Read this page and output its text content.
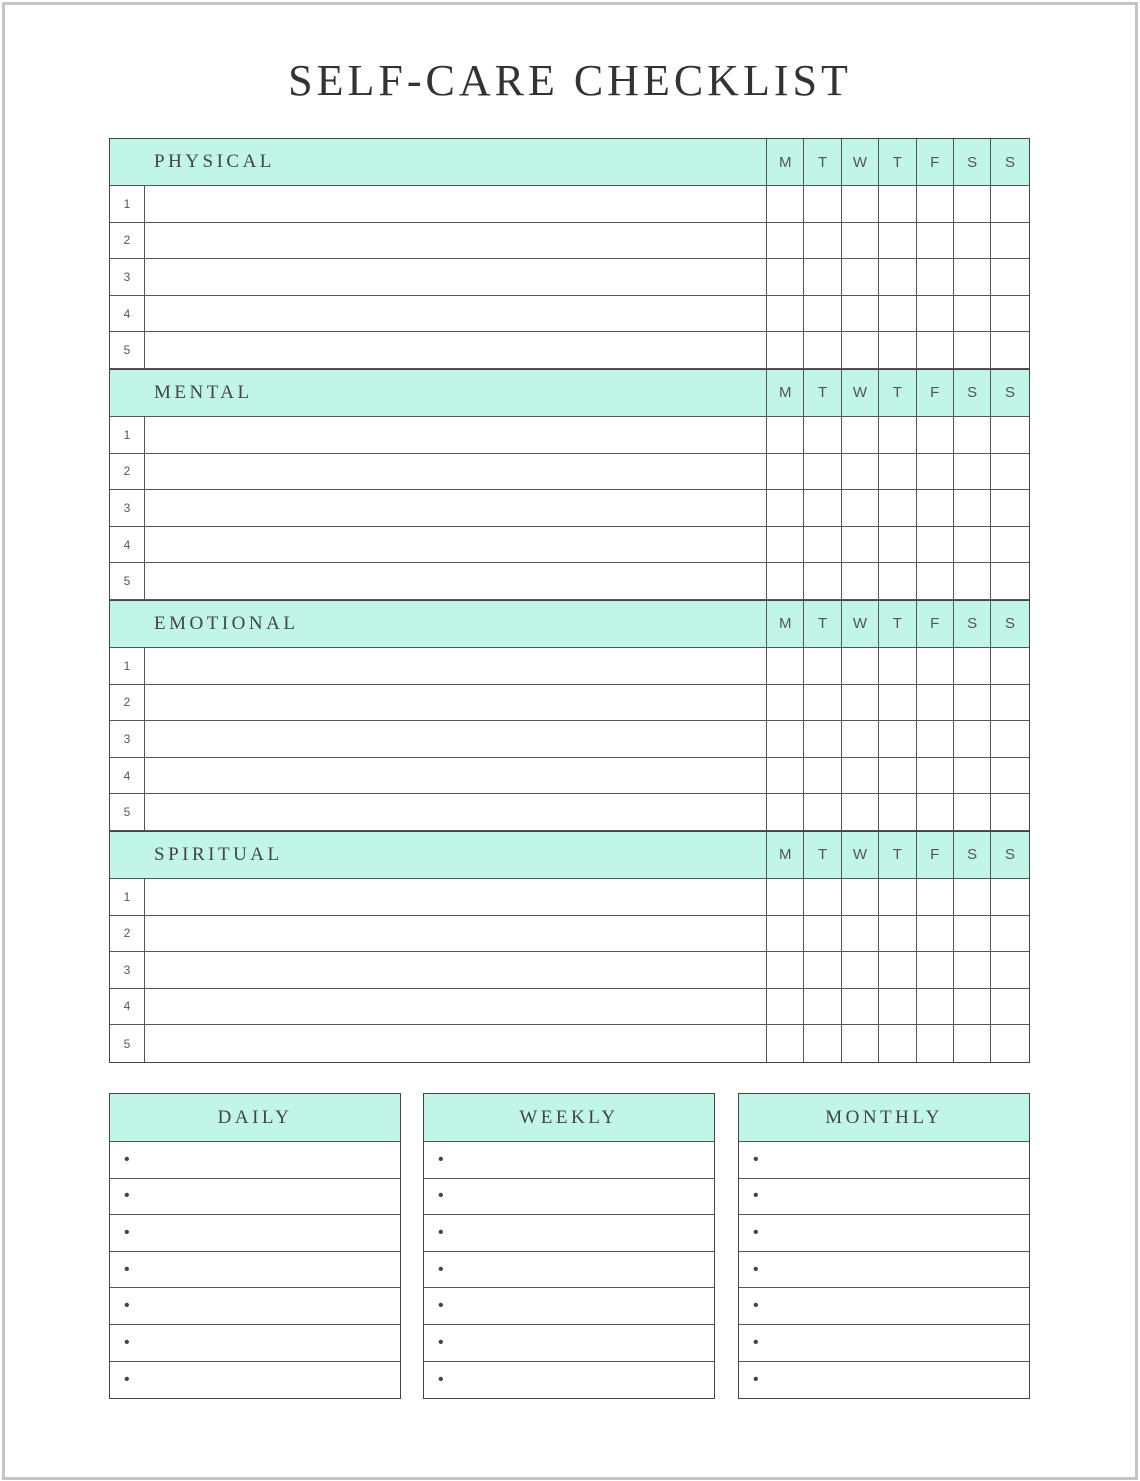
SELF-CARE CHECKLIST
PHYSICAL	M	T	W	T	F	S	S
1
2
3
4
5
MENTAL	M	T	W	T	F	S	S
1
2
3
4
5
EMOTIONAL	M	T	W	T	F	S	S
1
2
3
4
5
SPIRITUAL	M	T	W	T	F	S	S
1
2
3
4
5
DAILY
•
•
•
•
•
•
•
WEEKLY
•
•
•
•
•
•
•
MONTHLY
•
•
•
•
•
•
•
